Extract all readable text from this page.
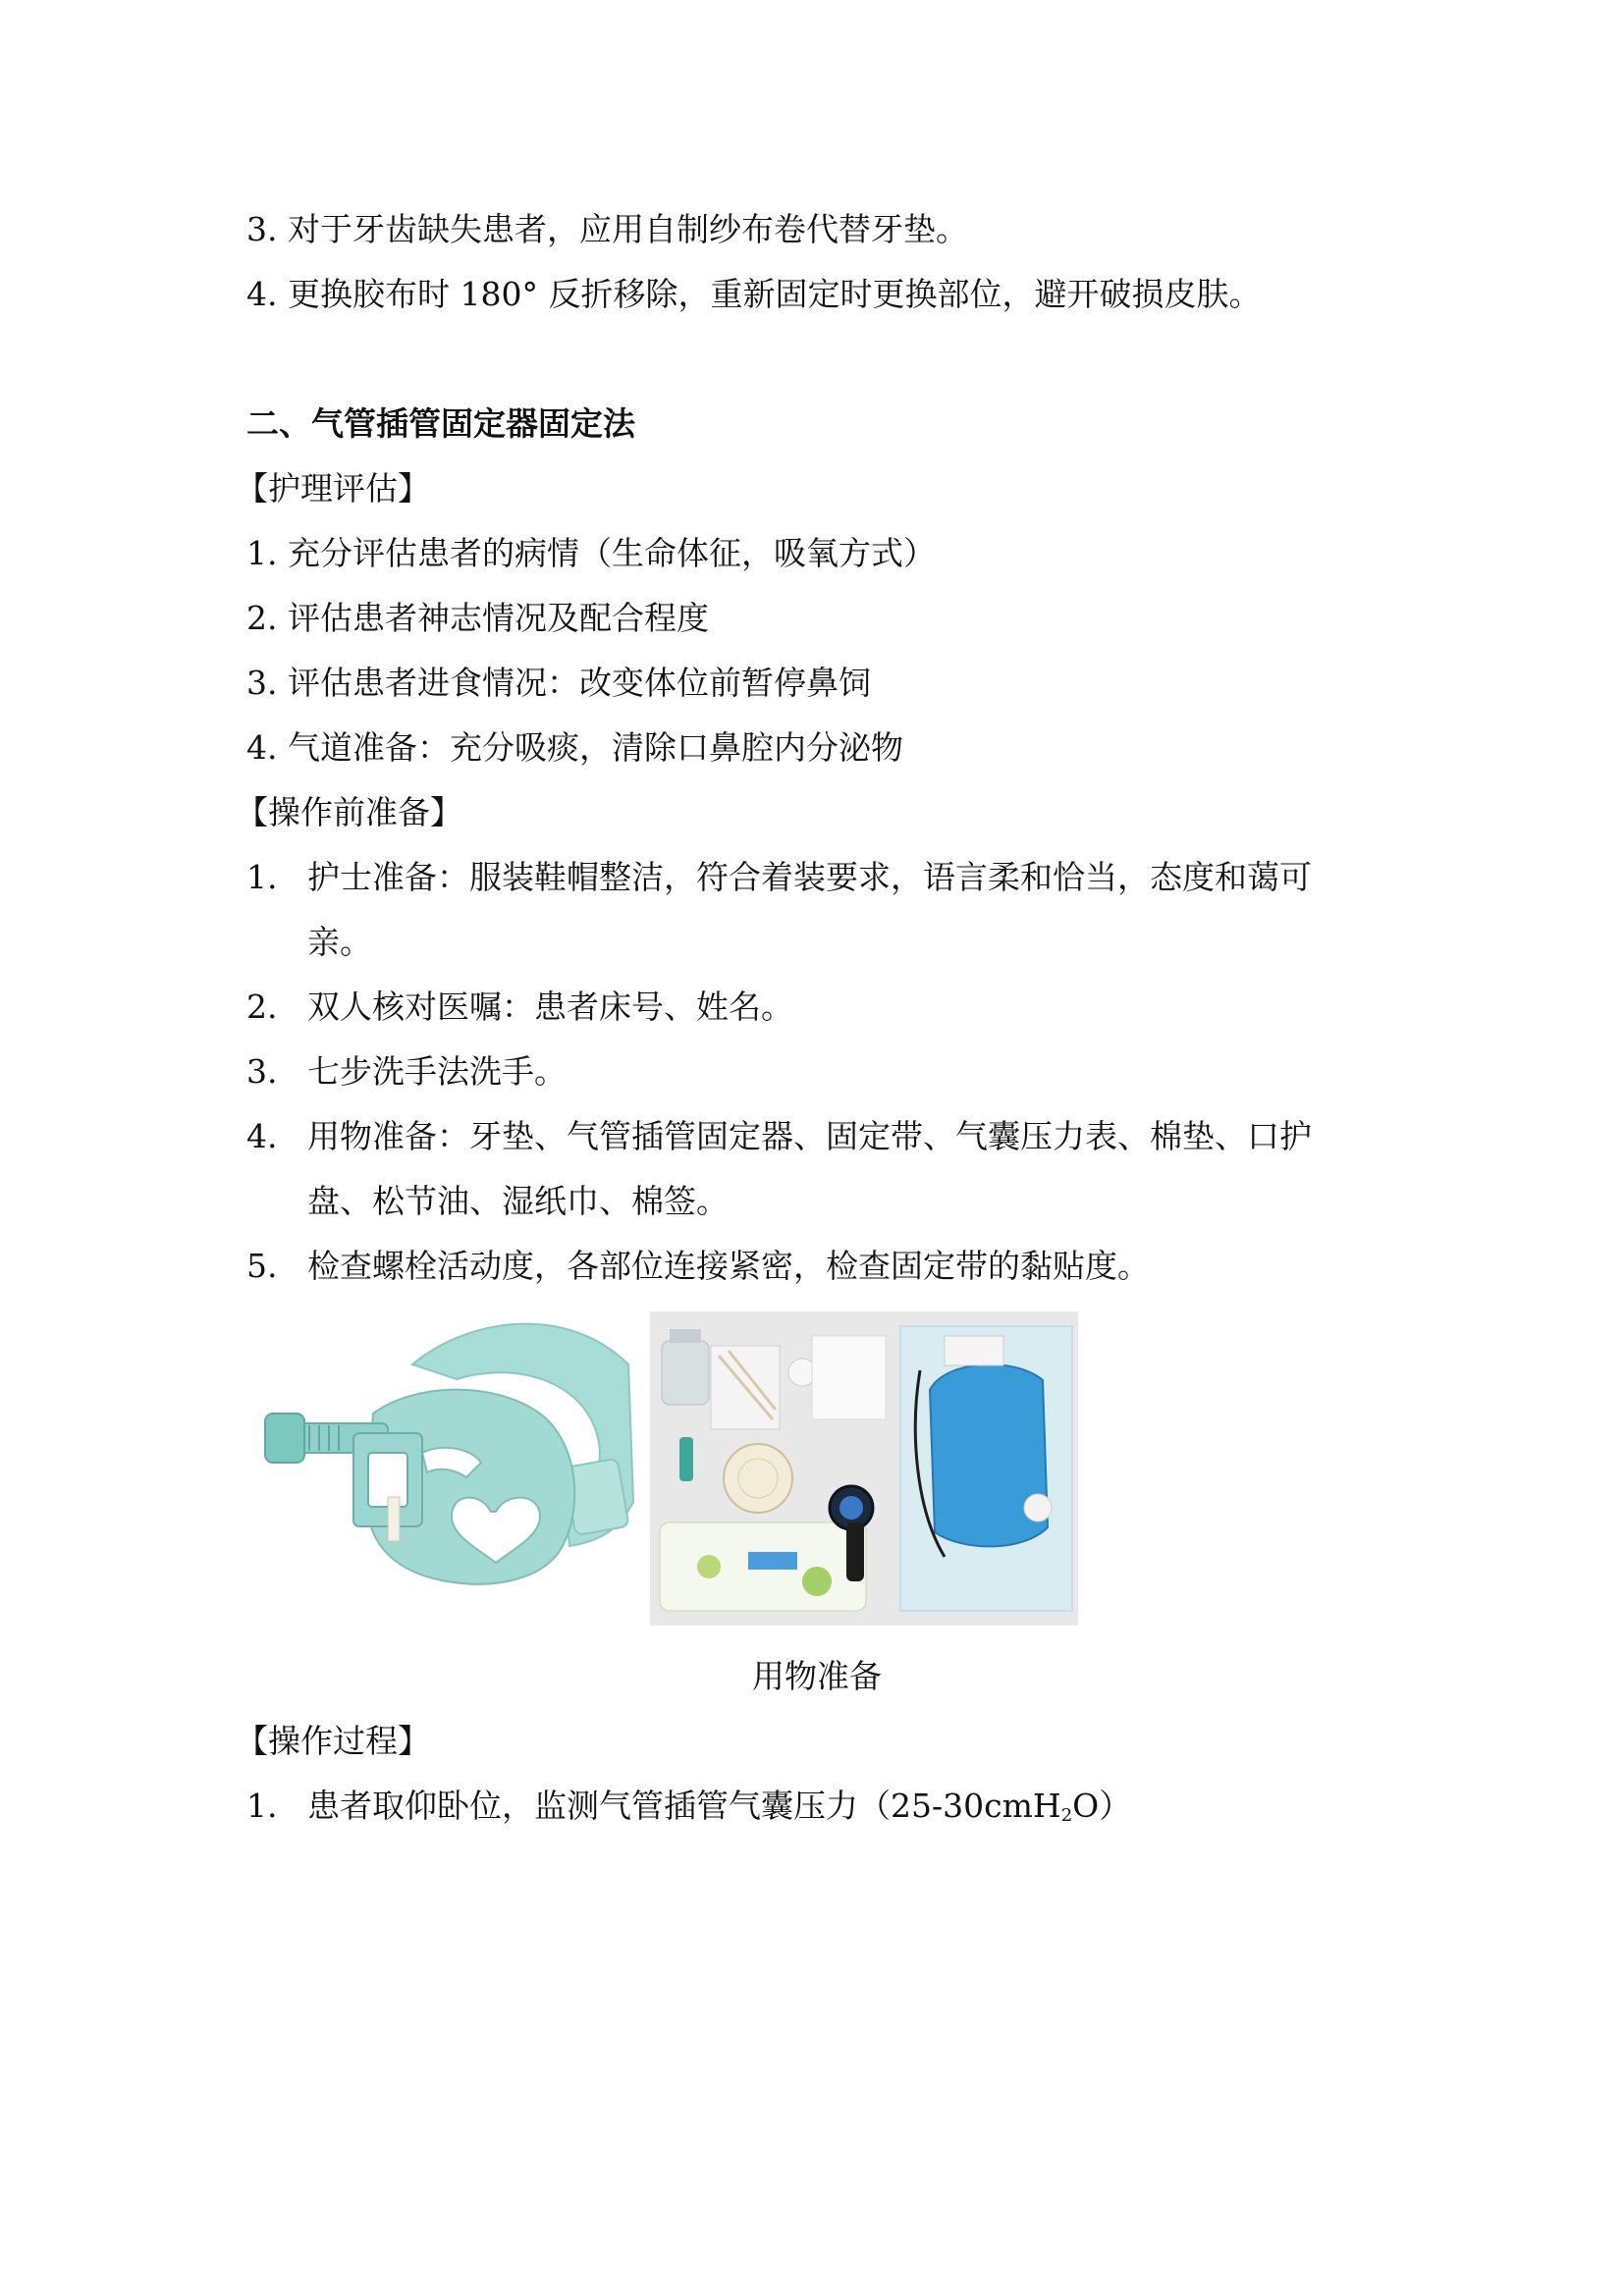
3. 对于牙齿缺失患者，应用自制纱布卷代替牙垫。
4. 更换胶布时 180° 反折移除，重新固定时更换部位，避开破损皮肤。
二、气管插管固定器固定法
【护理评估】
1. 充分评估患者的病情（生命体征，吸氧方式）
2. 评估患者神志情况及配合程度
3. 评估患者进食情况：改变体位前暂停鼻饲
4. 气道准备：充分吸痰，清除口鼻腔内分泌物
【操作前准备】
1. 护士准备：服装鞋帽整洁，符合着装要求，语言柔和恰当，态度和蔼可
亲。
2. 双人核对医嘱：患者床号、姓名。
3. 七步洗手法洗手。
4. 用物准备：牙垫、气管插管固定器、固定带、气囊压力表、棉垫、口护
盘、松节油、湿纸巾、棉签。
5. 检查螺栓活动度，各部位连接紧密，检查固定带的黏贴度。
用物准备
【操作过程】
1. 患者取仰卧位，监测气管插管气囊压力（25-30cmH$_2$O）
